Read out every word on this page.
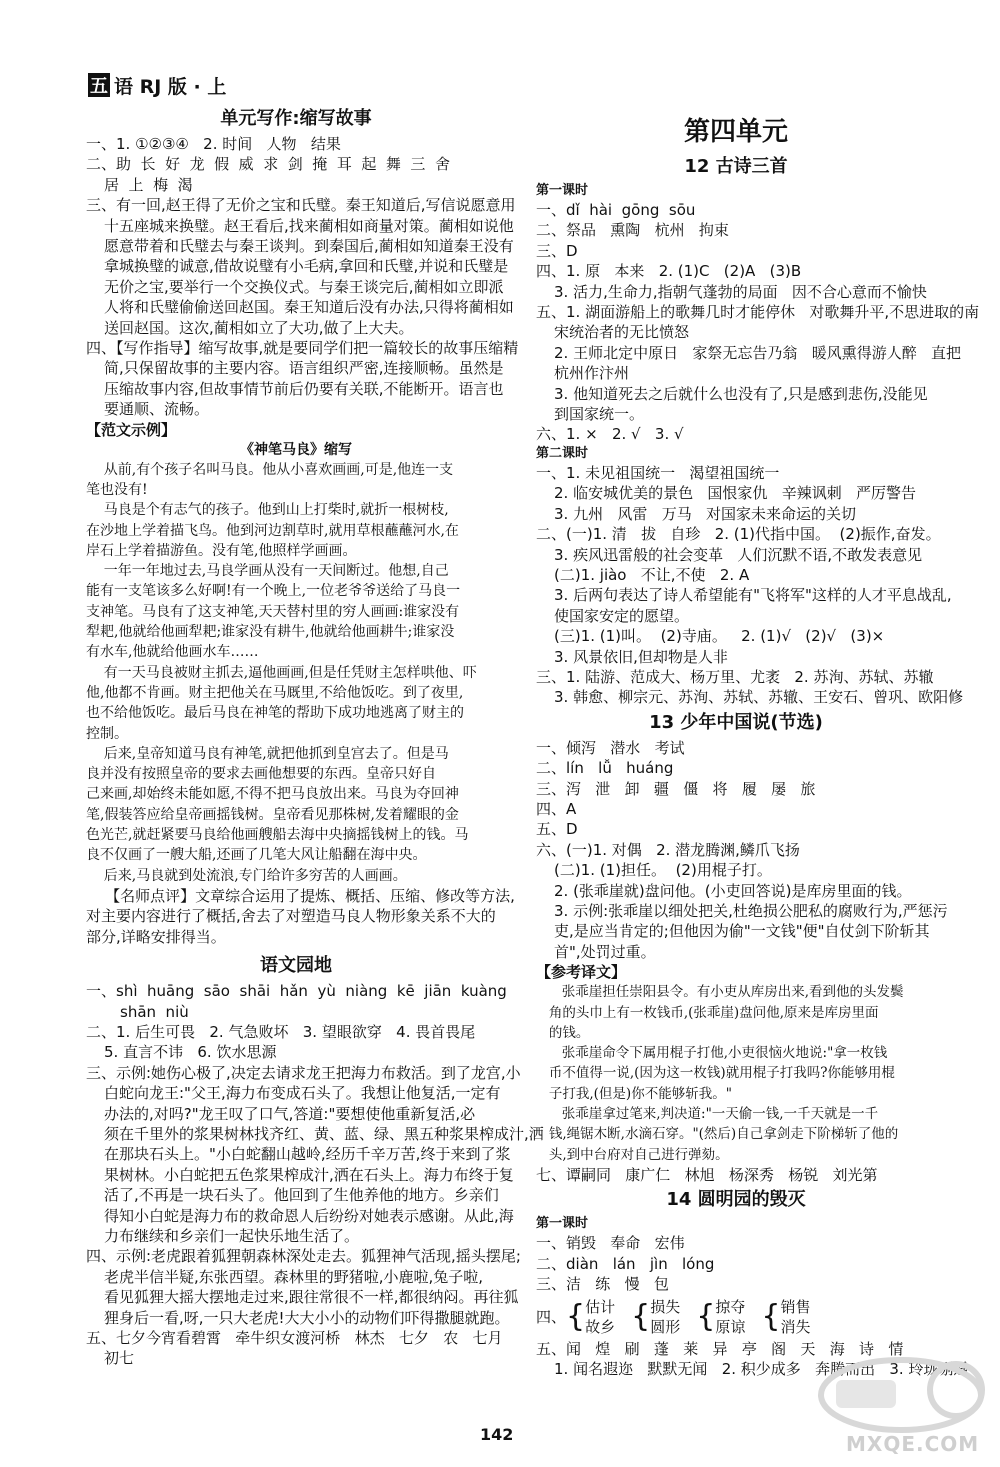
五 语 RJ 版 · 上
单元写作:缩写故事
一、1. ①②③④   2. 时间   人物   结果
二、助  长  好  龙  假  威  求  剑  掩  耳  起  舞  三  舍
居  上  梅  渴
三、有一回,赵王得了无价之宝和氏璧。秦王知道后,写信说愿意用
十五座城来换璧。赵王看后,找来蔺相如商量对策。蔺相如说他
愿意带着和氏璧去与秦王谈判。到秦国后,蔺相如知道秦王没有
拿城换璧的诚意,借故说璧有小毛病,拿回和氏璧,并说和氏璧是
无价之宝,要举行一个交换仪式。与秦王谈完后,蔺相如立即派
人将和氏璧偷偷送回赵国。秦王知道后没有办法,只得将蔺相如
送回赵国。这次,蔺相如立了大功,做了上大夫。
四、【写作指导】缩写故事,就是要同学们把一篇较长的故事压缩精
简,只保留故事的主要内容。语言组织严密,连接顺畅。虽然是
压缩故事内容,但故事情节前后仍要有关联,不能断开。语言也
要通顺、流畅。
【范文示例】
《神笔马良》缩写
从前,有个孩子名叫马良。他从小喜欢画画,可是,他连一支
笔也没有!
马良是个有志气的孩子。他到山上打柴时,就折一根树枝,
在沙地上学着描飞鸟。他到河边割草时,就用草根蘸蘸河水,在
岸石上学着描游鱼。没有笔,他照样学画画。
一年一年地过去,马良学画从没有一天间断过。他想,自己
能有一支笔该多么好啊!有一个晚上,一位老爷爷送给了马良一
支神笔。马良有了这支神笔,天天替村里的穷人画画:谁家没有
犁耙,他就给他画犁耙;谁家没有耕牛,他就给他画耕牛;谁家没
有水车,他就给他画水车……
有一天马良被财主抓去,逼他画画,但是任凭财主怎样哄他、吓
他,他都不肯画。财主把他关在马厩里,不给他饭吃。到了夜里,
也不给他饭吃。最后马良在神笔的帮助下成功地逃离了财主的
控制。
后来,皇帝知道马良有神笔,就把他抓到皇宫去了。但是马
良并没有按照皇帝的要求去画他想要的东西。皇帝只好自
己来画,却始终未能如愿,不得不把马良放出来。马良为夺回神
笔,假装答应给皇帝画摇钱树。皇帝看见那株树,发着耀眼的金
色光芒,就赶紧要马良给他画艘船去海中央摘摇钱树上的钱。马
良不仅画了一艘大船,还画了几笔大风让船翻在海中央。
后来,马良就到处流浪,专门给许多穷苦的人画画。
【名师点评】文章综合运用了提炼、概括、压缩、修改等方法,
对主要内容进行了概括,舍去了对塑造马良人物形象关系不大的
部分,详略安排得当。
语文园地
一、shì  huāng  sāo  shāi  hǎn  yù  niàng  kē  jiān  kuàng
shān  niù
二、1. 后生可畏   2. 气急败坏   3. 望眼欲穿   4. 畏首畏尾
5. 直言不讳   6. 饮水思源
三、示例:她伤心极了,决定去请求龙王把海力布救活。到了龙宫,小
白蛇向龙王:"父王,海力布变成石头了。我想让他复活,一定有
办法的,对吗?"龙王叹了口气,答道:"要想使他重新复活,必
须在千里外的浆果树林找齐红、黄、蓝、绿、黑五种浆果榨成汁,洒
在那块石头上。"小白蛇翻山越岭,经历千辛万苦,终于来到了浆
果树林。小白蛇把五色浆果榨成汁,洒在石头上。海力布终于复
活了,不再是一块石头了。他回到了生他养他的地方。乡亲们
得知小白蛇是海力布的救命恩人后纷纷对她表示感谢。从此,海
力布继续和乡亲们一起快乐地生活了。
四、示例:老虎跟着狐狸朝森林深处走去。狐狸神气活现,摇头摆尾;
老虎半信半疑,东张西望。森林里的野猪啦,小鹿啦,兔子啦,
看见狐狸大摇大摆地走过来,跟往常很不一样,都很纳闷。再往狐
狸身后一看,呀,一只大老虎!大大小小的动物们吓得撒腿就跑。
五、七夕今宵看碧霄   牵牛织女渡河桥   林杰   七夕   农   七月
初七
第四单元
12 古诗三首
第一课时
一、dǐ  hài  gōng  sōu
二、祭品   熏陶   杭州   拘束
三、D
四、1. 原   本来   2. (1)C   (2)A   (3)B
3. 活力,生命力,指朝气蓬勃的局面   因不合心意而不愉快
五、1. 湖面游船上的歌舞几时才能停休   对歌舞升平,不思进取的南
宋统治者的无比愤怒
2. 王师北定中原日   家祭无忘告乃翁   暖风熏得游人醉   直把
杭州作汴州
3. 他知道死去之后就什么也没有了,只是感到悲伤,没能见
到国家统一。
六、1. ×   2. √   3. √
第二课时
一、1. 未见祖国统一   渴望祖国统一
2. 临安城优美的景色   国恨家仇   辛辣讽刺   严厉警告
3. 九州   风雷   万马   对国家未来命运的关切
二、(一)1. 清   拔   自珍   2. (1)代指中国。  (2)振作,奋发。
3. 疾风迅雷般的社会变革   人们沉默不语,不敢发表意见
(二)1. jiào   不让,不使   2. A
3. 后两句表达了诗人希望能有"飞将军"这样的人才平息战乱,
使国家安定的愿望。
(三)1. (1)叫。  (2)寺庙。   2. (1)√   (2)√   (3)×
3. 风景依旧,但却物是人非
三、1. 陆游、范成大、杨万里、尤袤   2. 苏洵、苏轼、苏辙
3. 韩愈、柳宗元、苏洵、苏轼、苏辙、王安石、曾巩、欧阳修
13 少年中国说(节选)
一、倾泻   潜水   考试
二、lín   lǚ   huáng
三、泻   泄   卸   疆   僵   将   履   屡   旅
四、A
五、D
六、(一)1. 对偶   2. 潜龙腾渊,鳞爪飞扬
(二)1. (1)担任。  (2)用棍子打。
2. (张乖崖就)盘问他。(小吏回答说)是库房里面的钱。
3. 示例:张乖崖以细处把关,杜绝损公肥私的腐败行为,严惩污
吏,是应当肯定的;但他因为偷"一文钱"便"自仗剑下阶斩其
首",处罚过重。
【参考译文】
张乖崖担任崇阳县令。有小吏从库房出来,看到他的头发鬓
角的头巾上有一枚钱币,(张乖崖)盘问他,原来是库房里面
的钱。
张乖崖命令下属用棍子打他,小吏很恼火地说:"拿一枚钱
币不值得一说,(因为这一枚钱)就用棍子打我吗?你能够用棍
子打我,(但是)你不能够斩我。"
张乖崖拿过笔来,判决道:"一天偷一钱,一千天就是一千
钱,绳锯木断,水滴石穿。"(然后)自己拿剑走下阶梯斩了他的
头,到中台府对自己进行弹劾。
七、谭嗣同   康广仁   林旭   杨深秀   杨锐   刘光第
14 圆明园的毁灭
第一课时
一、销毁   奉命   宏伟
二、diàn   lán   jìn   lóng
三、洁   练   慢   包
四、 { 估计
故乡 { 损失
圆形 { 掠夺
原谅 { 销售
消失
五、闻   煌   刷   蓬   莱   异   亭   阁   天   海   诗   情
1. 闻名遐迩   默默无闻   2. 积少成多   奔腾而出   3. 玲珑剔透
142	MXQE.COM
